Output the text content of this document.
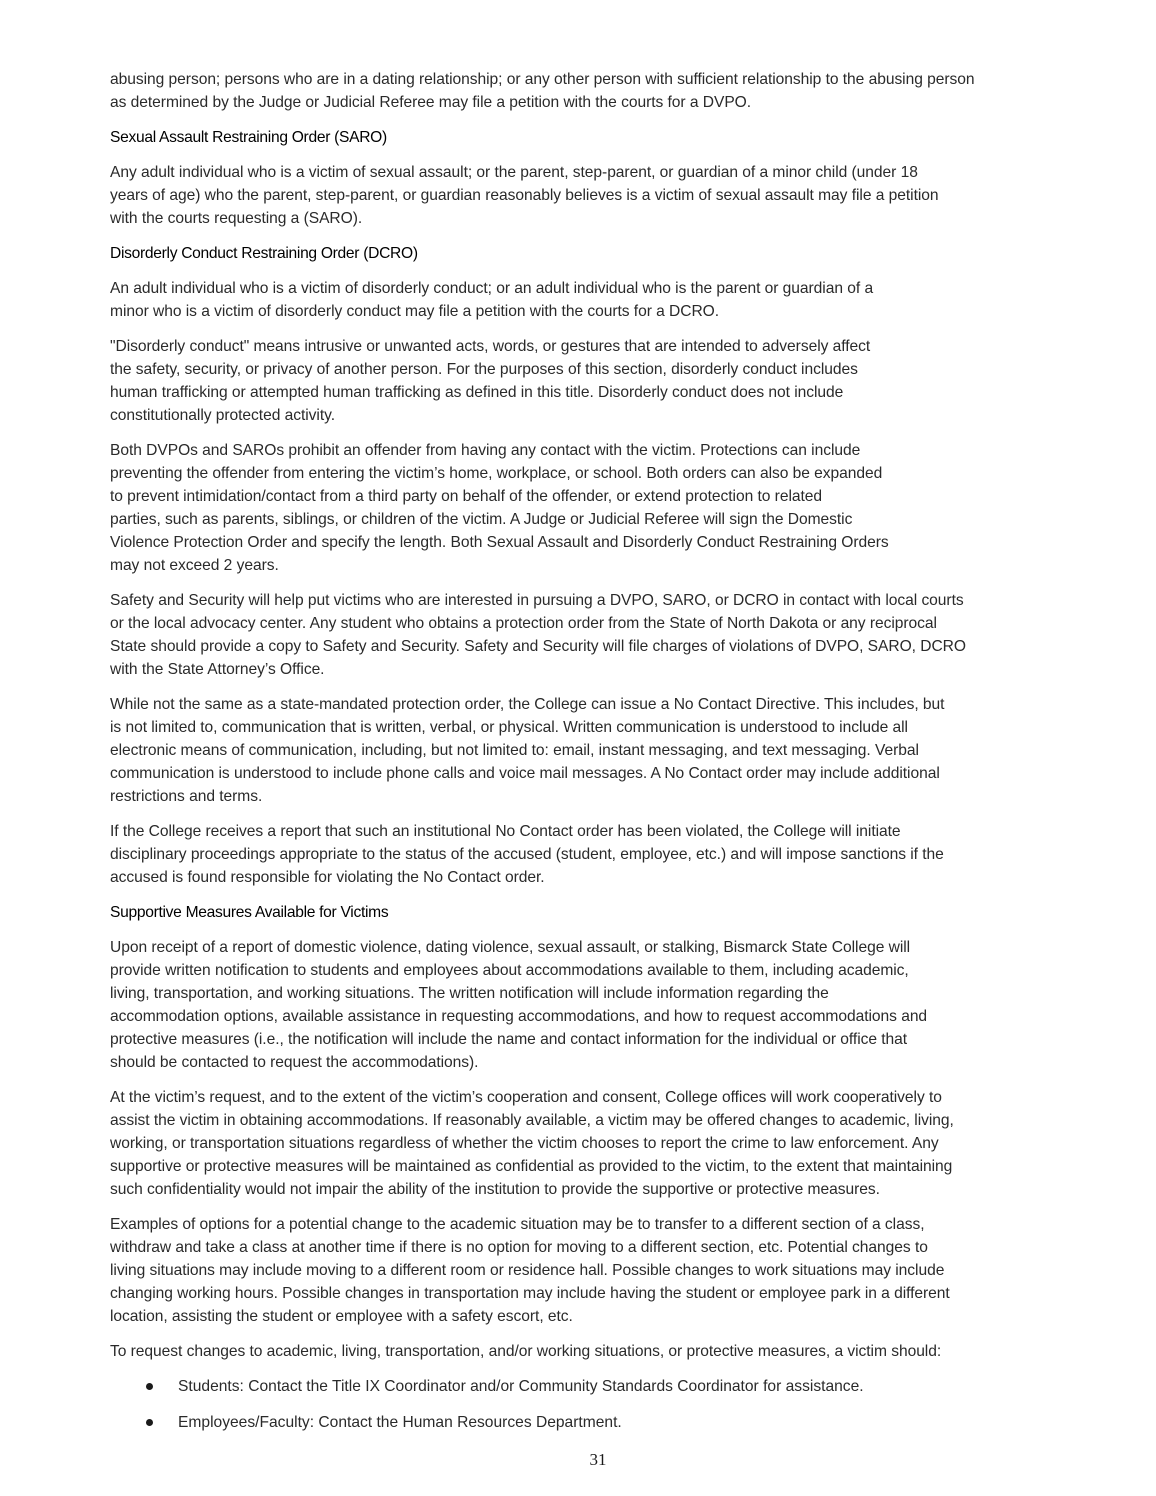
abusing person; persons who are in a dating relationship; or any other person with sufficient relationship to the abusing person
as determined by the Judge or Judicial Referee may file a petition with the courts for a DVPO.

Sexual Assault Restraining Order (SARO)

Any adult individual who is a victim of sexual assault; or the parent, step-parent, or guardian of a minor child (under 18
years of age) who the parent, step-parent, or guardian reasonably believes is a victim of sexual assault may file a petition
with the courts requesting a (SARO).

Disorderly Conduct Restraining Order (DCRO)

An adult individual who is a victim of disorderly conduct; or an adult individual who is the parent or guardian of a
minor who is a victim of disorderly conduct may file a petition with the courts for a DCRO.

"Disorderly conduct" means intrusive or unwanted acts, words, or gestures that are intended to adversely affect
the safety, security, or privacy of another person. For the purposes of this section, disorderly conduct includes
human trafficking or attempted human trafficking as defined in this title. Disorderly conduct does not include
constitutionally protected activity.

Both DVPOs and SAROs prohibit an offender from having any contact with the victim. Protections can include
preventing the offender from entering the victim’s home, workplace, or school. Both orders can also be expanded
to prevent intimidation/contact from a third party on behalf of the offender, or extend protection to related
parties, such as parents, siblings, or children of the victim. A Judge or Judicial Referee will sign the Domestic
Violence Protection Order and specify the length. Both Sexual Assault and Disorderly Conduct Restraining Orders
may not exceed 2 years.

Safety and Security will help put victims who are interested in pursuing a DVPO, SARO, or DCRO in contact with local courts
or the local advocacy center. Any student who obtains a protection order from the State of North Dakota or any reciprocal
State should provide a copy to Safety and Security. Safety and Security will file charges of violations of DVPO, SARO, DCRO
with the State Attorney’s Office.

While not the same as a state-mandated protection order, the College can issue a No Contact Directive. This includes, but
is not limited to, communication that is written, verbal, or physical. Written communication is understood to include all
electronic means of communication, including, but not limited to: email, instant messaging, and text messaging. Verbal
communication is understood to include phone calls and voice mail messages. A No Contact order may include additional
restrictions and terms.

If the College receives a report that such an institutional No Contact order has been violated, the College will initiate
disciplinary proceedings appropriate to the status of the accused (student, employee, etc.) and will impose sanctions if the
accused is found responsible for violating the No Contact order.

Supportive Measures Available for Victims

Upon receipt of a report of domestic violence, dating violence, sexual assault, or stalking, Bismarck State College will
provide written notification to students and employees about accommodations available to them, including academic,
living, transportation, and working situations. The written notification will include information regarding the
accommodation options, available assistance in requesting accommodations, and how to request accommodations and
protective measures (i.e., the notification will include the name and contact information for the individual or office that
should be contacted to request the accommodations).

At the victim’s request, and to the extent of the victim’s cooperation and consent, College offices will work cooperatively to
assist the victim in obtaining accommodations. If reasonably available, a victim may be offered changes to academic, living,
working, or transportation situations regardless of whether the victim chooses to report the crime to law enforcement. Any
supportive or protective measures will be maintained as confidential as provided to the victim, to the extent that maintaining
such confidentiality would not impair the ability of the institution to provide the supportive or protective measures.

Examples of options for a potential change to the academic situation may be to transfer to a different section of a class,
withdraw and take a class at another time if there is no option for moving to a different section, etc. Potential changes to
living situations may include moving to a different room or residence hall. Possible changes to work situations may include
changing working hours. Possible changes in transportation may include having the student or employee park in a different
location, assisting the student or employee with a safety escort, etc.

To request changes to academic, living, transportation, and/or working situations, or protective measures, a victim should:

Students: Contact the Title IX Coordinator and/or Community Standards Coordinator for assistance.
Employees/Faculty: Contact the Human Resources Department.
31
